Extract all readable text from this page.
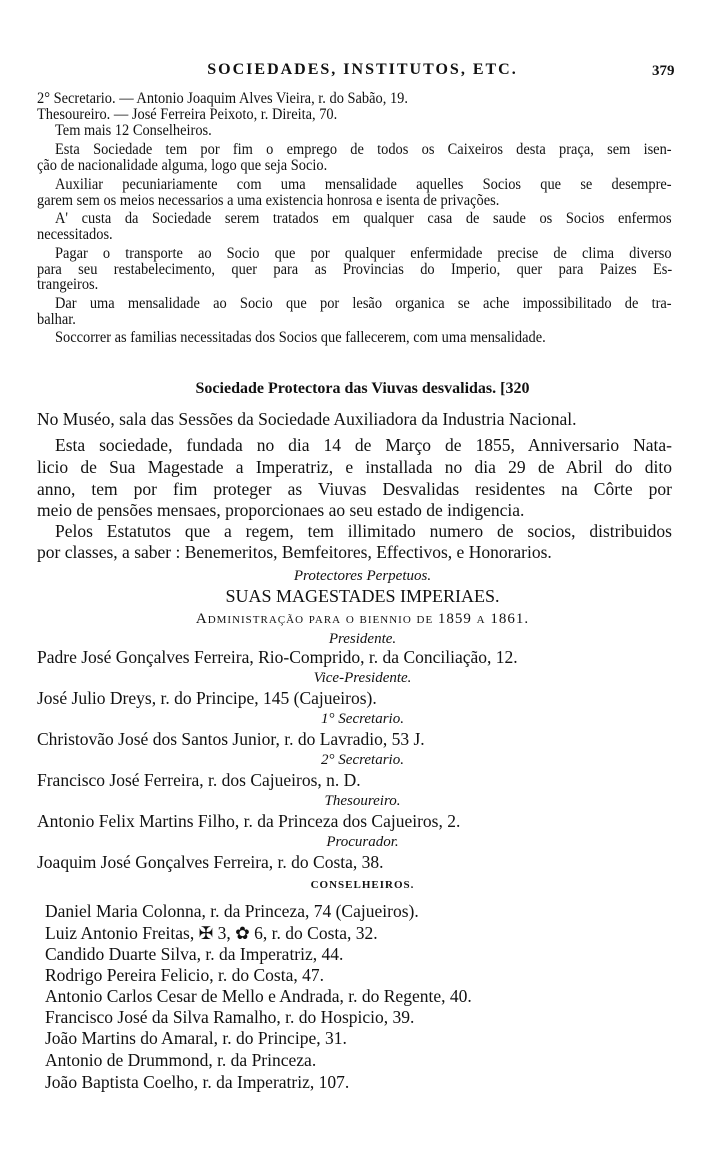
SOCIEDADES, INSTITUTOS, ETC.	379
2° Secretario. — Antonio Joaquim Alves Vieira, r. do Sabão, 19.
Thesoureiro. — José Ferreira Peixoto, r. Direita, 70.
Tem mais 12 Conselheiros.
Esta Sociedade tem por fim o emprego de todos os Caixeiros desta praça, sem isen-
ção de nacionalidade alguma, logo que seja Socio.
Auxiliar pecuniariamente com uma mensalidade aquelles Socios que se desempre-
garem sem os meios necessarios a uma existencia honrosa e isenta de privações.
A' custa da Sociedade serem tratados em qualquer casa de saude os Socios enfermos
necessitados.
Pagar o transporte ao Socio que por qualquer enfermidade precise de clima diverso
para seu restabelecimento, quer para as Provincias do Imperio, quer para Paizes Es-
trangeiros.
Dar uma mensalidade ao Socio que por lesão organica se ache impossibilitado de tra-
balhar.
Soccorrer as familias necessitadas dos Socios que fallecerem, com uma mensalidade.
Sociedade Protectora das Viuvas desvalidas. [320
No Muséo, sala das Sessões da Sociedade Auxiliadora da Industria Nacional.
Esta sociedade, fundada no dia 14 de Março de 1855, Anniversario Nata-
licio de Sua Magestade a Imperatriz, e installada no dia 29 de Abril do dito
anno, tem por fim proteger as Viuvas Desvalidas residentes na Côrte por
meio de pensões mensaes, proporcionaes ao seu estado de indigencia.
Pelos Estatutos que a regem, tem illimitado numero de socios, distribuidos
por classes, a saber : Benemeritos, Bemfeitores, Effectivos, e Honorarios.
Protectores Perpetuos.
SUAS MAGESTADES IMPERIAES.
Administração para o biennio de 1859 a 1861.
Presidente.
Padre José Gonçalves Ferreira, Rio-Comprido, r. da Conciliação, 12.
Vice-Presidente.
José Julio Dreys, r. do Principe, 145 (Cajueiros).
1° Secretario.
Christovão José dos Santos Junior, r. do Lavradio, 53 J.
2° Secretario.
Francisco José Ferreira, r. dos Cajueiros, n. D.
Thesoureiro.
Antonio Felix Martins Filho, r. da Princeza dos Cajueiros, 2.
Procurador.
Joaquim José Gonçalves Ferreira, r. do Costa, 38.
CONSELHEIROS.
Daniel Maria Colonna, r. da Princeza, 74 (Cajueiros).
Luiz Antonio Freitas, ✠ 3, ✿ 6, r. do Costa, 32.
Candido Duarte Silva, r. da Imperatriz, 44.
Rodrigo Pereira Felicio, r. do Costa, 47.
Antonio Carlos Cesar de Mello e Andrada, r. do Regente, 40.
Francisco José da Silva Ramalho, r. do Hospicio, 39.
João Martins do Amaral, r. do Principe, 31.
Antonio de Drummond, r. da Princeza.
João Baptista Coelho, r. da Imperatriz, 107.
